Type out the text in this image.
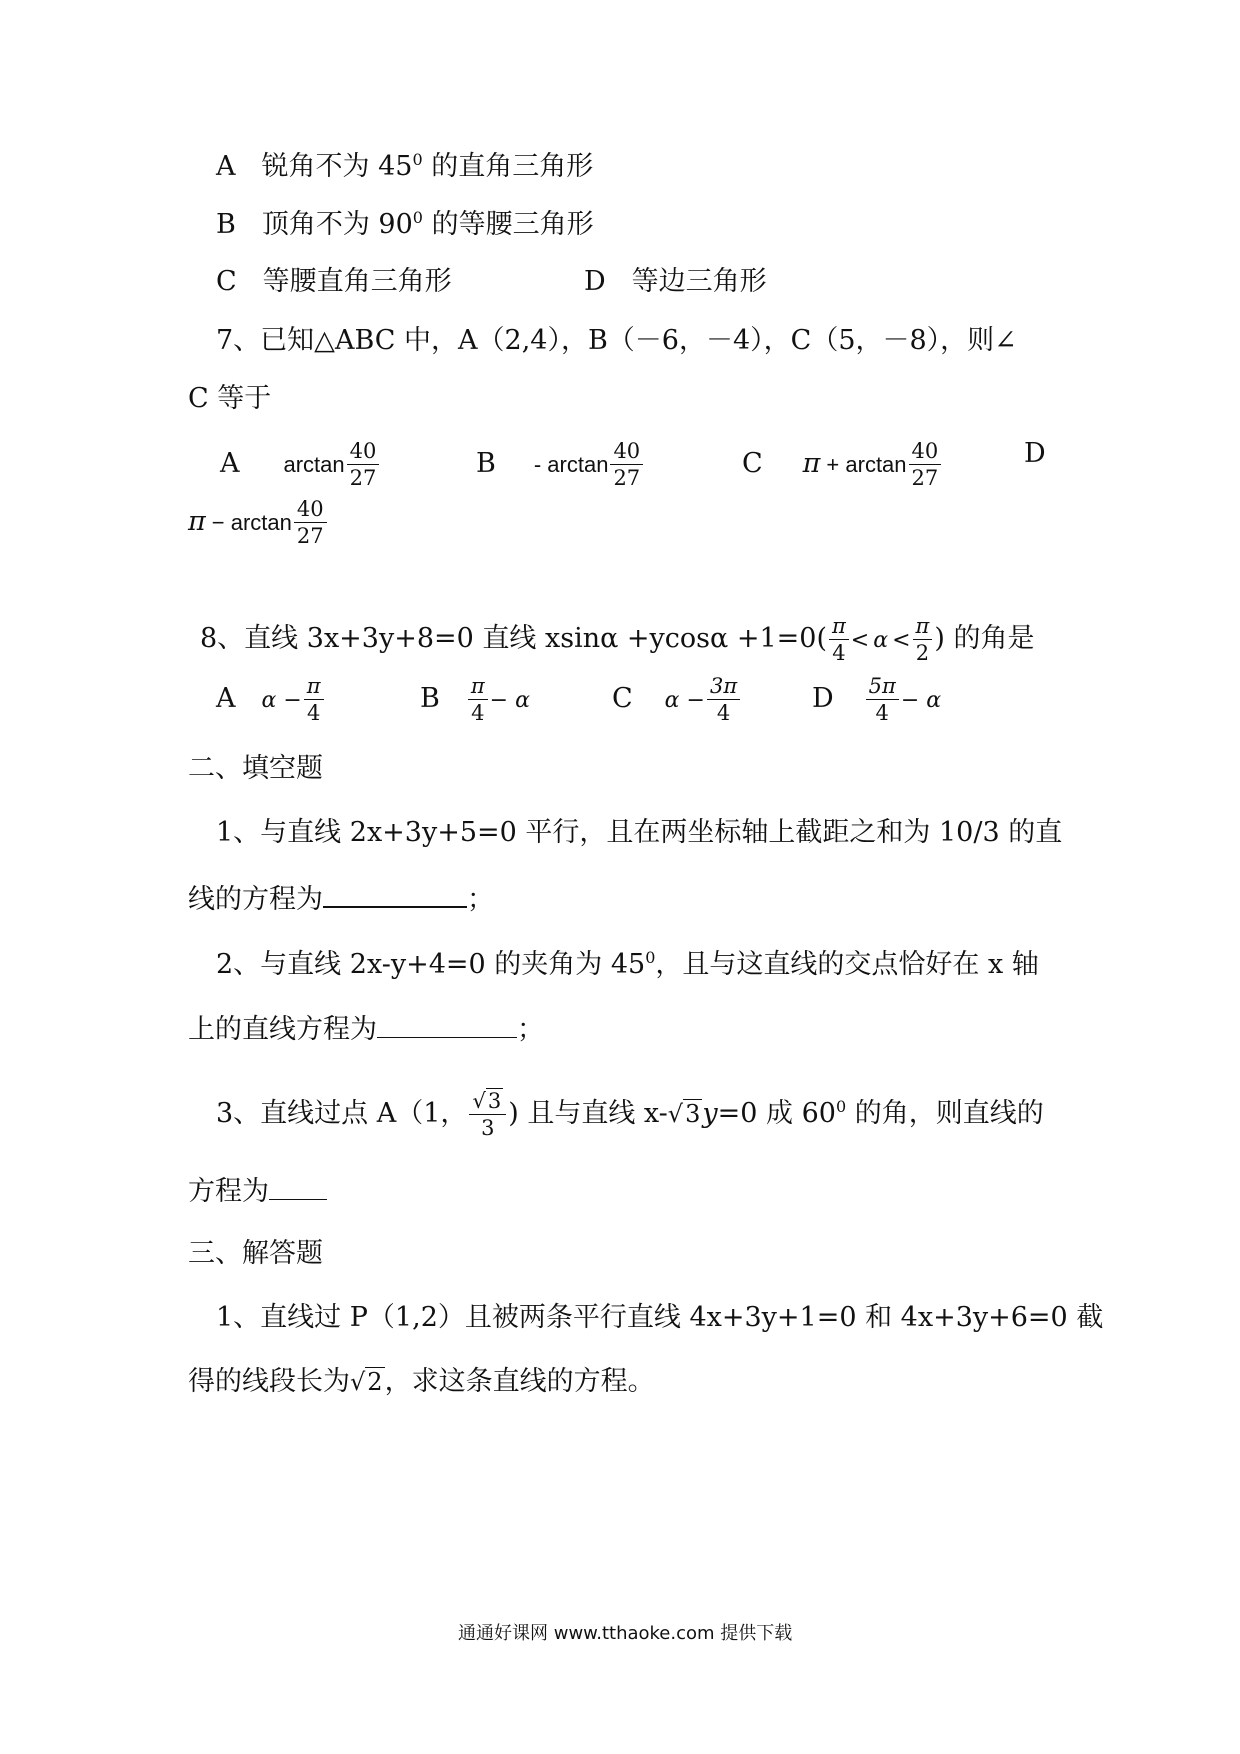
A 锐角不为 $45^0$ 的直角三角形
B 顶角不为 $90^0$ 的等腰三角形
C 等腰直角三角形	D 等边三角形
7、已知△ABC 中，A（2,4），B（－6，－4），C（5，－8），则∠
C 等于
A $\arctan \frac{40}{27}$	B - $\arctan \frac{40}{27}$	C $\pi + \arctan \frac{40}{27}$	D
$\pi - \arctan \frac{40}{27}$
8、直线 3x+3y+8=0 直线 $xsin\alpha +ycos\alpha +1=0( \frac{\pi}{4} < \alpha < \frac{\pi}{2}$ ) 的角是
A $\alpha - \frac{\pi}{4}$	B $\frac{\pi}{4} - \alpha$	C $\alpha - \frac{3\pi}{4}$	D $\frac{5\pi}{4} - \alpha$
二、填空题
1、与直线 2x+3y+5=0 平行，且在两坐标轴上截距之和为 10/3 的直
线的方程为	；
2、与直线 2x-y+4=0 的夹角为 $45^0$，且与这直线的交点恰好在 x 轴
上的直线方程为	；
3、直线过点 A（1， $\frac{√3}{3}$ ) 且与直线 x-√3y=0 成 $60^0$ 的角，则直线的
方程为
三、解答题
1、直线过 P（1,2）且被两条平行直线 4x+3y+1=0 和 4x+3y+6=0 截
得的线段长为√2，求这条直线的方程。
通通好课网 www.tthaoke.com 提供下载
